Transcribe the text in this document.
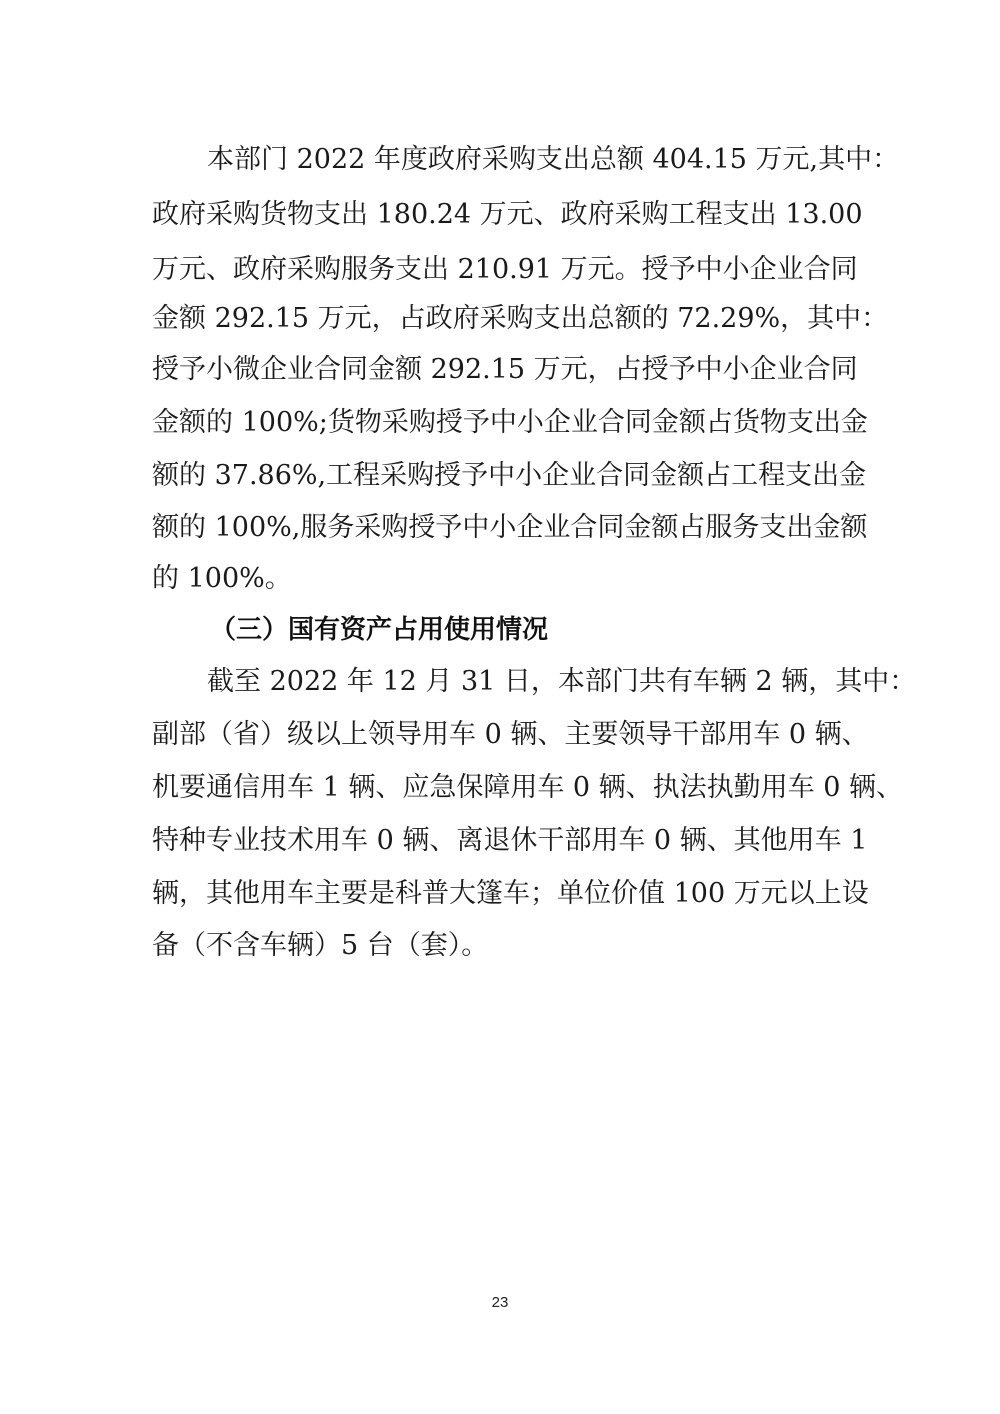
本部门 2022 年度政府采购支出总额 404.15 万元,其中：
政府采购货物支出 180.24 万元、政府采购工程支出 13.00
万元、政府采购服务支出 210.91 万元。授予中小企业合同
金额 292.15 万元，占政府采购支出总额的 72.29%，其中：
授予小微企业合同金额 292.15 万元，占授予中小企业合同
金额的 100%;货物采购授予中小企业合同金额占货物支出金
额的 37.86%,工程采购授予中小企业合同金额占工程支出金
额的 100%,服务采购授予中小企业合同金额占服务支出金额
的 100%。
（三）国有资产占用使用情况
截至 2022 年 12 月 31 日，本部门共有车辆 2 辆，其中：
副部（省）级以上领导用车 0 辆、主要领导干部用车 0 辆、
机要通信用车 1 辆、应急保障用车 0 辆、执法执勤用车 0 辆、
特种专业技术用车 0 辆、离退休干部用车 0 辆、其他用车 1
辆，其他用车主要是科普大篷车；单位价值 100 万元以上设
备（不含车辆）5 台（套）。
23
